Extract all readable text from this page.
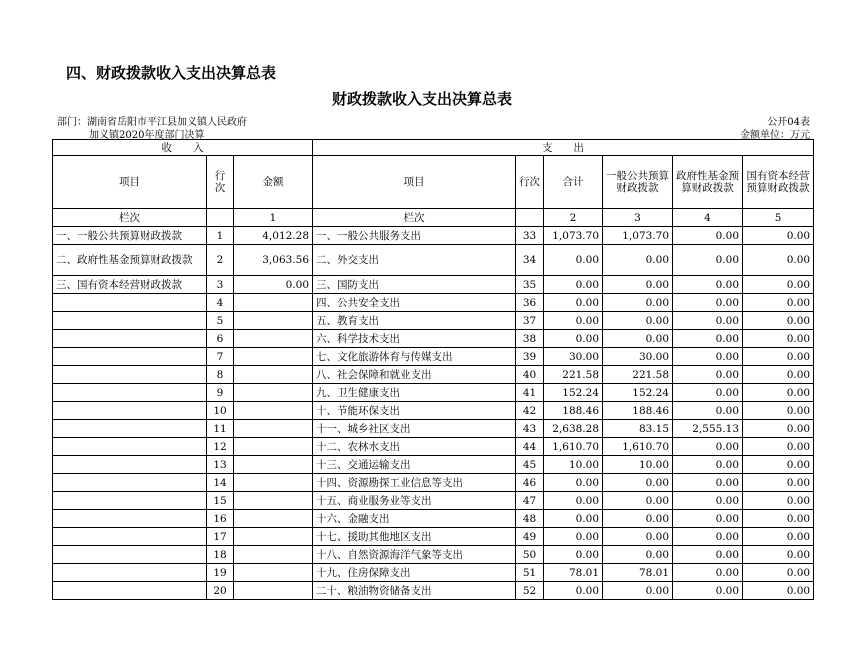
四、财政拨款收入支出决算总表
财政拨款收入支出决算总表
部门：湖南省岳阳市平江县加义镇人民政府
加义镇2020年度部门决算
公开04表
金额单位：万元
收　　入			支　　出					
项目	行次	金额	项目	行次	合计	一般公共预算财政拨款	政府性基金预算财政拨款	国有资本经营预算财政拨款
栏次		1	栏次		2	3	4	5
一、一般公共预算财政拨款	1	4,012.28	一、一般公共服务支出	33	1,073.70	1,073.70	0.00	0.00
二、政府性基金预算财政拨款	2	3,063.56	二、外交支出	34	0.00	0.00	0.00	0.00
三、国有资本经营财政拨款	3	0.00	三、国防支出	35	0.00	0.00	0.00	0.00
	4		四、公共安全支出	36	0.00	0.00	0.00	0.00
	5		五、教育支出	37	0.00	0.00	0.00	0.00
	6		六、科学技术支出	38	0.00	0.00	0.00	0.00
	7		七、文化旅游体育与传媒支出	39	30.00	30.00	0.00	0.00
	8		八、社会保障和就业支出	40	221.58	221.58	0.00	0.00
	9		九、卫生健康支出	41	152.24	152.24	0.00	0.00
	10		十、节能环保支出	42	188.46	188.46	0.00	0.00
	11		十一、城乡社区支出	43	2,638.28	83.15	2,555.13	0.00
	12		十二、农林水支出	44	1,610.70	1,610.70	0.00	0.00
	13		十三、交通运输支出	45	10.00	10.00	0.00	0.00
	14		十四、资源勘探工业信息等支出	46	0.00	0.00	0.00	0.00
	15		十五、商业服务业等支出	47	0.00	0.00	0.00	0.00
	16		十六、金融支出	48	0.00	0.00	0.00	0.00
	17		十七、援助其他地区支出	49	0.00	0.00	0.00	0.00
	18		十八、自然资源海洋气象等支出	50	0.00	0.00	0.00	0.00
	19		十九、住房保障支出	51	78.01	78.01	0.00	0.00
	20		二十、粮油物资储备支出	52	0.00	0.00	0.00	0.00
